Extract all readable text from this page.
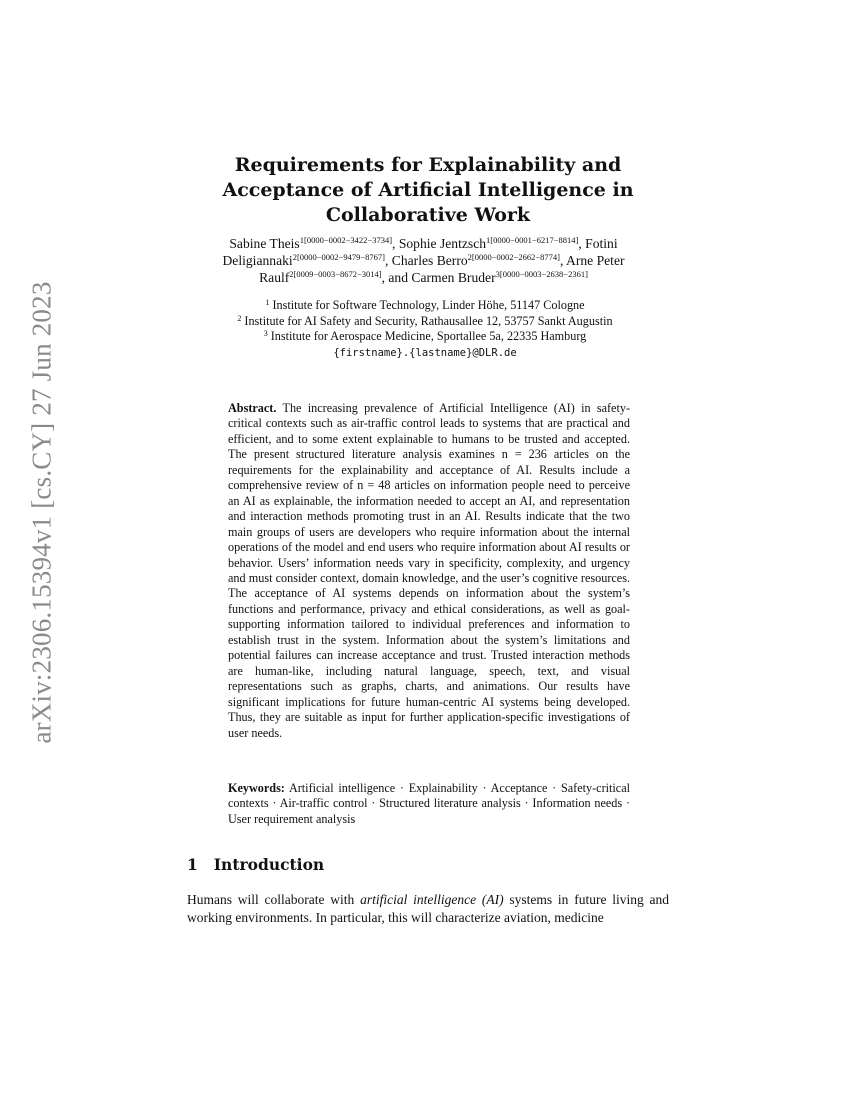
arXiv:2306.15394v1 [cs.CY] 27 Jun 2023
Requirements for Explainability and Acceptance of Artificial Intelligence in Collaborative Work
Sabine Theis$^{1[0000-0002-3422-3734]}$, Sophie Jentzsch$^{1[0000-0001-6217-8814]}$, Fotini Deligiannaki$^{2[0000-0002-9479-8767]}$, Charles Berro$^{2[0000-0002-2662-8774]}$, Arne Peter Raulf$^{2[0009-0003-8672-3014]}$, and Carmen Bruder$^{3[0000-0003-2638-2361]}$
$^1$ Institute for Software Technology, Linder Höhe, 51147 Cologne
$^2$ Institute for AI Safety and Security, Rathausallee 12, 53757 Sankt Augustin
$^3$ Institute for Aerospace Medicine, Sportallee 5a, 22335 Hamburg
{firstname}.{lastname}@DLR.de
Abstract. The increasing prevalence of Artificial Intelligence (AI) in safety-critical contexts such as air-traffic control leads to systems that are practical and efficient, and to some extent explainable to humans to be trusted and accepted. The present structured literature analysis examines n = 236 articles on the requirements for the explainability and acceptance of AI. Results include a comprehensive review of n = 48 articles on information people need to perceive an AI as explainable, the information needed to accept an AI, and representation and interaction methods promoting trust in an AI. Results indicate that the two main groups of users are developers who require information about the internal operations of the model and end users who require information about AI results or behavior. Users’ information needs vary in specificity, complexity, and urgency and must consider context, domain knowledge, and the user’s cognitive resources. The acceptance of AI systems depends on information about the system’s functions and performance, privacy and ethical considerations, as well as goal-supporting information tailored to individual preferences and information to establish trust in the system. Information about the system’s limitations and potential failures can increase acceptance and trust. Trusted interaction methods are human-like, including natural language, speech, text, and visual representations such as graphs, charts, and animations. Our results have significant implications for future human-centric AI systems being developed. Thus, they are suitable as input for further application-specific investigations of user needs.
Keywords: Artificial intelligence · Explainability · Acceptance · Safety-critical contexts · Air-traffic control · Structured literature analysis · Information needs · User requirement analysis
1 Introduction
Humans will collaborate with artificial intelligence (AI) systems in future living and working environments. In particular, this will characterize aviation, medicine
